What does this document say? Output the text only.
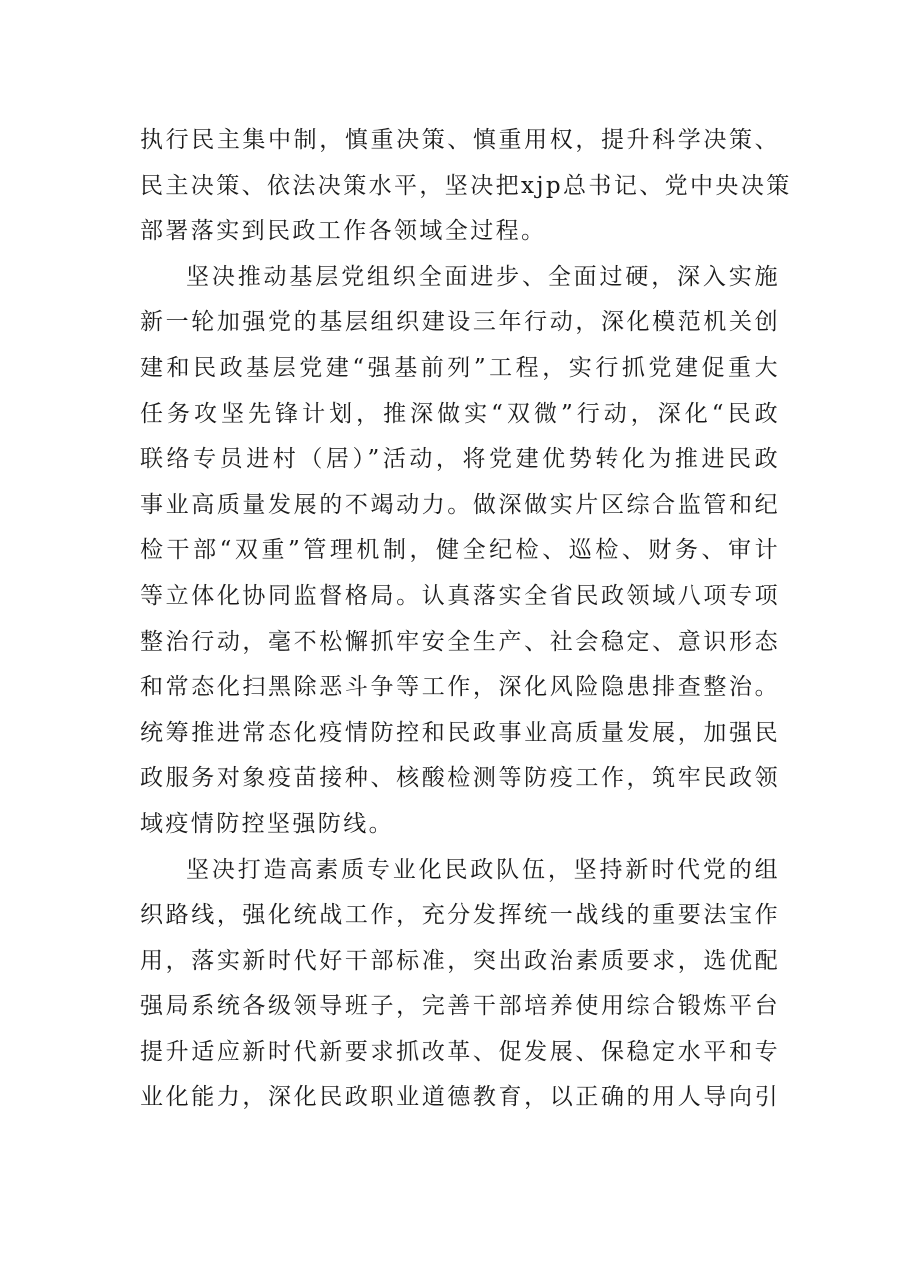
执行民主集中制，慎重决策、慎重用权，提升科学决策、
民主决策、依法决策水平，坚决把xjp总书记、党中央决策
部署落实到民政工作各领域全过程。
坚决推动基层党组织全面进步、全面过硬，深入实施
新一轮加强党的基层组织建设三年行动，深化模范机关创
建和民政基层党建“强基前列”工程，实行抓党建促重大
任务攻坚先锋计划，推深做实“双微”行动，深化“民政
联络专员进村（居）”活动，将党建优势转化为推进民政
事业高质量发展的不竭动力。做深做实片区综合监管和纪
检干部“双重”管理机制，健全纪检、巡检、财务、审计
等立体化协同监督格局。认真落实全省民政领域八项专项
整治行动，毫不松懈抓牢安全生产、社会稳定、意识形态
和常态化扫黑除恶斗争等工作，深化风险隐患排查整治。
统筹推进常态化疫情防控和民政事业高质量发展，加强民
政服务对象疫苗接种、核酸检测等防疫工作，筑牢民政领
域疫情防控坚强防线。
坚决打造高素质专业化民政队伍，坚持新时代党的组
织路线，强化统战工作，充分发挥统一战线的重要法宝作
用，落实新时代好干部标准，突出政治素质要求，选优配
强局系统各级领导班子，完善干部培养使用综合锻炼平台
提升适应新时代新要求抓改革、促发展、保稳定水平和专
业化能力，深化民政职业道德教育，以正确的用人导向引
